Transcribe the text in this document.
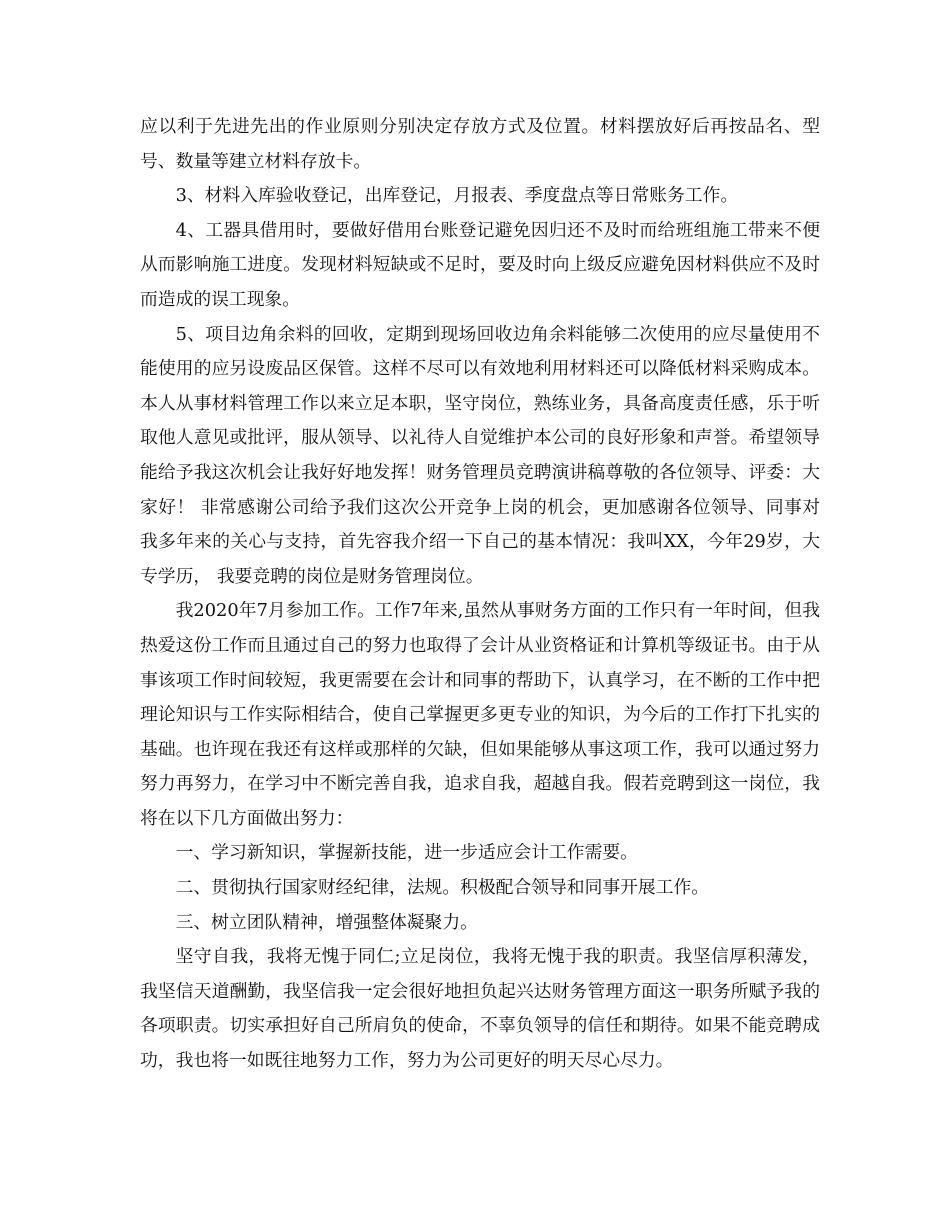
应以利于先进先出的作业原则分别决定存放方式及位置。材料摆放好后再按品名、型号、数量等建立材料存放卡。

3、材料入库验收登记，出库登记，月报表、季度盘点等日常账务工作。

4、工器具借用时，要做好借用台账登记避免因归还不及时而给班组施工带来不便从而影响施工进度。发现材料短缺或不足时，要及时向上级反应避免因材料供应不及时而造成的误工现象。

5、项目边角余料的回收，定期到现场回收边角余料能够二次使用的应尽量使用不能使用的应另设废品区保管。这样不尽可以有效地利用材料还可以降低材料采购成本。本人从事材料管理工作以来立足本职，坚守岗位，熟练业务，具备高度责任感，乐于听取他人意见或批评，服从领导、以礼待人自觉维护本公司的良好形象和声誉。希望领导能给予我这次机会让我好好地发挥！财务管理员竞聘演讲稿尊敬的各位领导、评委：大家好！ 非常感谢公司给予我们这次公开竞争上岗的机会，更加感谢各位领导、同事对我多年来的关心与支持，首先容我介绍一下自己的基本情况：我叫XX，今年29岁，大专学历， 我要竞聘的岗位是财务管理岗位。

我2020年7月参加工作。工作7年来,虽然从事财务方面的工作只有一年时间，但我热爱这份工作而且通过自己的努力也取得了会计从业资格证和计算机等级证书。由于从事该项工作时间较短，我更需要在会计和同事的帮助下，认真学习，在不断的工作中把理论知识与工作实际相结合，使自己掌握更多更专业的知识，为今后的工作打下扎实的基础。也许现在我还有这样或那样的欠缺，但如果能够从事这项工作，我可以通过努力努力再努力，在学习中不断完善自我，追求自我，超越自我。假若竞聘到这一岗位，我将在以下几方面做出努力：

一、学习新知识，掌握新技能，进一步适应会计工作需要。

二、贯彻执行国家财经纪律，法规。积极配合领导和同事开展工作。

三、树立团队精神，增强整体凝聚力。

坚守自我，我将无愧于同仁;立足岗位，我将无愧于我的职责。我坚信厚积薄发，我坚信天道酬勤，我坚信我一定会很好地担负起兴达财务管理方面这一职务所赋予我的各项职责。切实承担好自己所肩负的使命，不辜负领导的信任和期待。如果不能竞聘成功，我也将一如既往地努力工作，努力为公司更好的明天尽心尽力。
